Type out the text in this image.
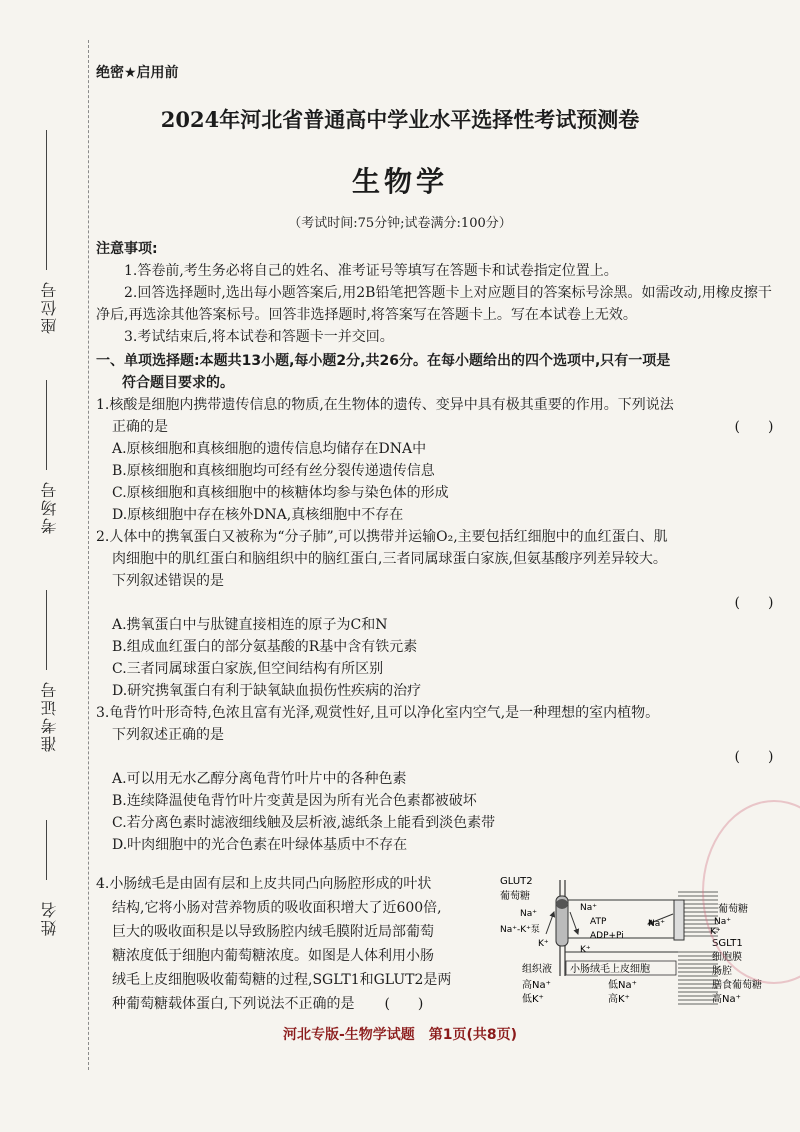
座位号
考场号
准考证号
姓名
绝密★启用前
2024年河北省普通高中学业水平选择性考试预测卷
生物学
（考试时间:75分钟;试卷满分:100分）
注意事项:

1.答卷前,考生务必将自己的姓名、准考证号等填写在答题卡和试卷指定位置上。

2.回答选择题时,选出每小题答案后,用2B铅笔把答题卡上对应题目的答案标号涂黑。如需改动,用橡皮擦干净后,再选涂其他答案标号。回答非选择题时,将答案写在答题卡上。写在本试卷上无效。

3.考试结束后,将本试卷和答题卡一并交回。

一、单项选择题:本题共13小题,每小题2分,共26分。在每小题给出的四个选项中,只有一项是
符合题目要求的。

1.核酸是细胞内携带遗传信息的物质,在生物体的遗传、变异中具有极其重要的作用。下列说法

正确的是	(　　)

A.原核细胞和真核细胞的遗传信息均储存在DNA中

B.原核细胞和真核细胞均可经有丝分裂传递遗传信息

C.原核细胞和真核细胞中的核糖体均参与染色体的形成

D.原核细胞中存在核外DNA,真核细胞中不存在

2.人体中的携氧蛋白又被称为“分子肺”,可以携带并运输O₂,主要包括红细胞中的血红蛋白、肌

肉细胞中的肌红蛋白和脑组织中的脑红蛋白,三者同属球蛋白家族,但氨基酸序列差异较大。

下列叙述错误的是

(　　)

A.携氧蛋白中与肽键直接相连的原子为C和N

B.组成血红蛋白的部分氨基酸的R基中含有铁元素

C.三者同属球蛋白家族,但空间结构有所区别

D.研究携氧蛋白有利于缺氧缺血损伤性疾病的治疗

3.龟背竹叶形奇特,色浓且富有光泽,观赏性好,且可以净化室内空气,是一种理想的室内植物。

下列叙述正确的是

(　　)

A.可以用无水乙醇分离龟背竹叶片中的各种色素

B.连续降温使龟背竹叶片变黄是因为所有光合色素都被破坏

C.若分离色素时滤液细线触及层析液,滤纸条上能看到淡色素带

D.叶肉细胞中的光合色素在叶绿体基质中不存在

4.小肠绒毛是由固有层和上皮共同凸向肠腔形成的叶状
结构,它将小肠对营养物质的吸收面积增大了近600倍,
巨大的吸收面积是以导致肠腔内绒毛膜附近局部葡萄
糖浓度低于细胞内葡萄糖浓度。如图是人体利用小肠
绒毛上皮细胞吸收葡萄糖的过程,SGLT1和GLUT2是两
种葡萄糖载体蛋白,下列说法不正确的是 (　　)
GLUT2
葡萄糖
Na⁺
Na⁺
Na⁺-K⁺泵
K⁺
K⁺
ATP
ADP+Pi
Na⁺
葡萄糖
Na⁺
K⁺
SGLT1
细胞膜
肠腔
膳食葡萄糖
高Na⁺
组织液 小肠绒毛上皮细胞
高Na⁺
低K⁺
低Na⁺
高K⁺
河北专版-生物学试题　第1页(共8页)
